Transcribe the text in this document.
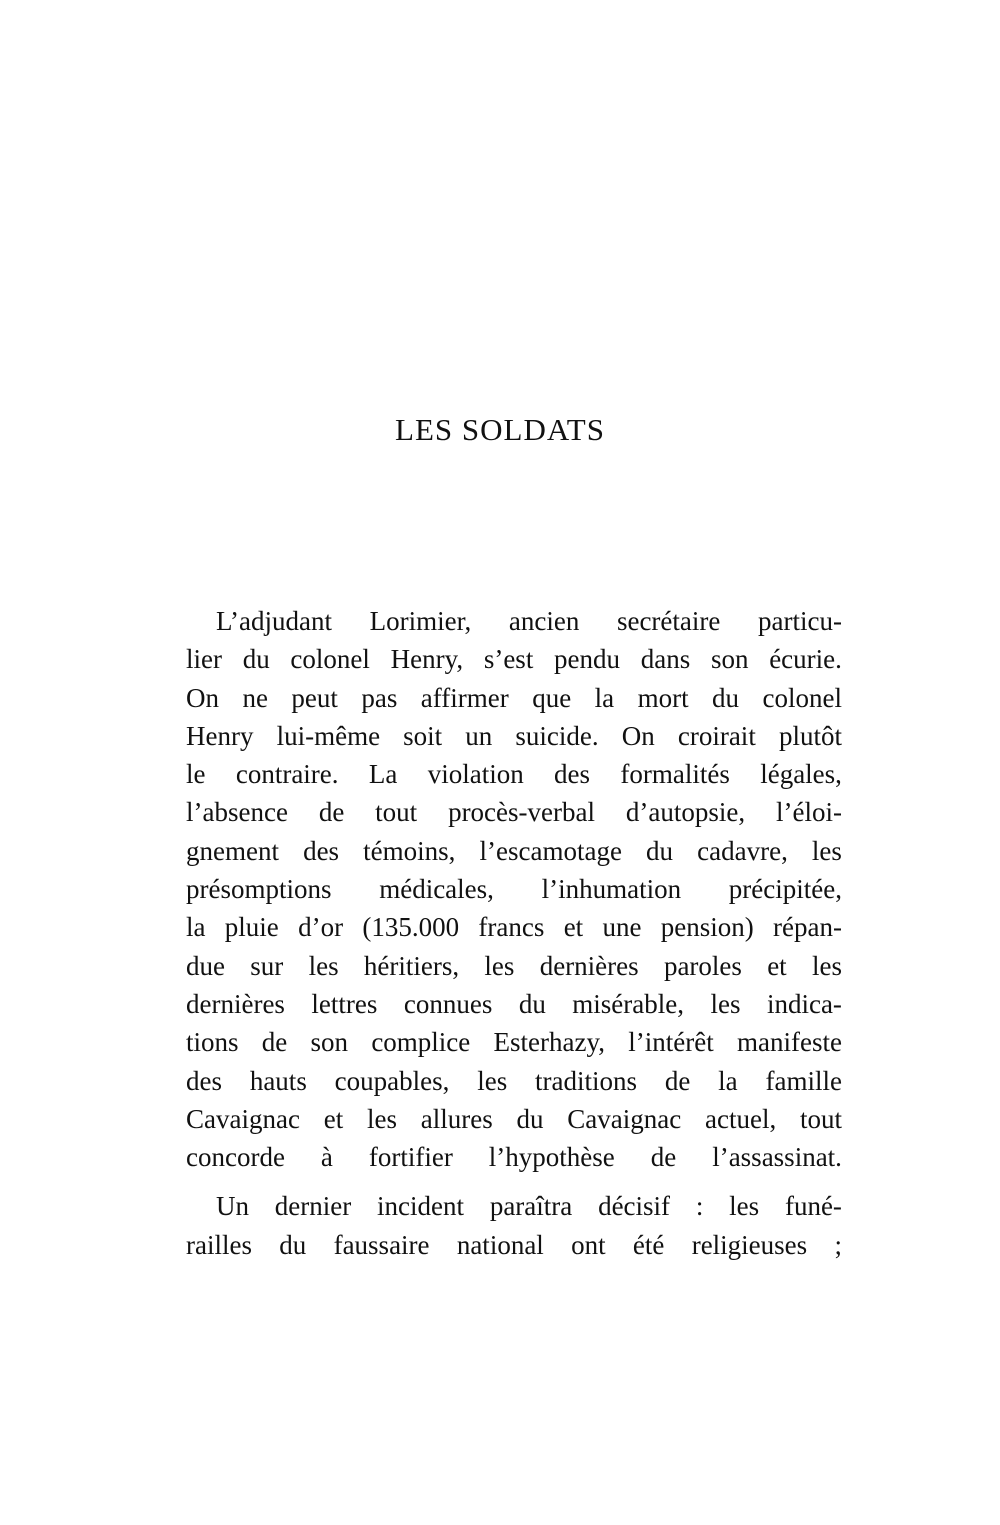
LES SOLDATS
L’adjudant Lorimier, ancien secrétaire particu-
lier du colonel Henry, s’est pendu dans son écurie.
On ne peut pas affirmer que la mort du colonel
Henry lui-même soit un suicide. On croirait plutôt
le contraire. La violation des formalités légales,
l’absence de tout procès-verbal d’autopsie, l’éloi-
gnement des témoins, l’escamotage du cadavre, les
présomptions médicales, l’inhumation précipitée,
la pluie d’or (135.000 francs et une pension) répan-
due sur les héritiers, les dernières paroles et les
dernières lettres connues du misérable, les indica-
tions de son complice Esterhazy, l’intérêt manifeste
des hauts coupables, les traditions de la famille
Cavaignac et les allures du Cavaignac actuel, tout
concorde à fortifier l’hypothèse de l’assassinat.
Un dernier incident paraîtra décisif : les funé-
railles du faussaire national ont été religieuses ;
